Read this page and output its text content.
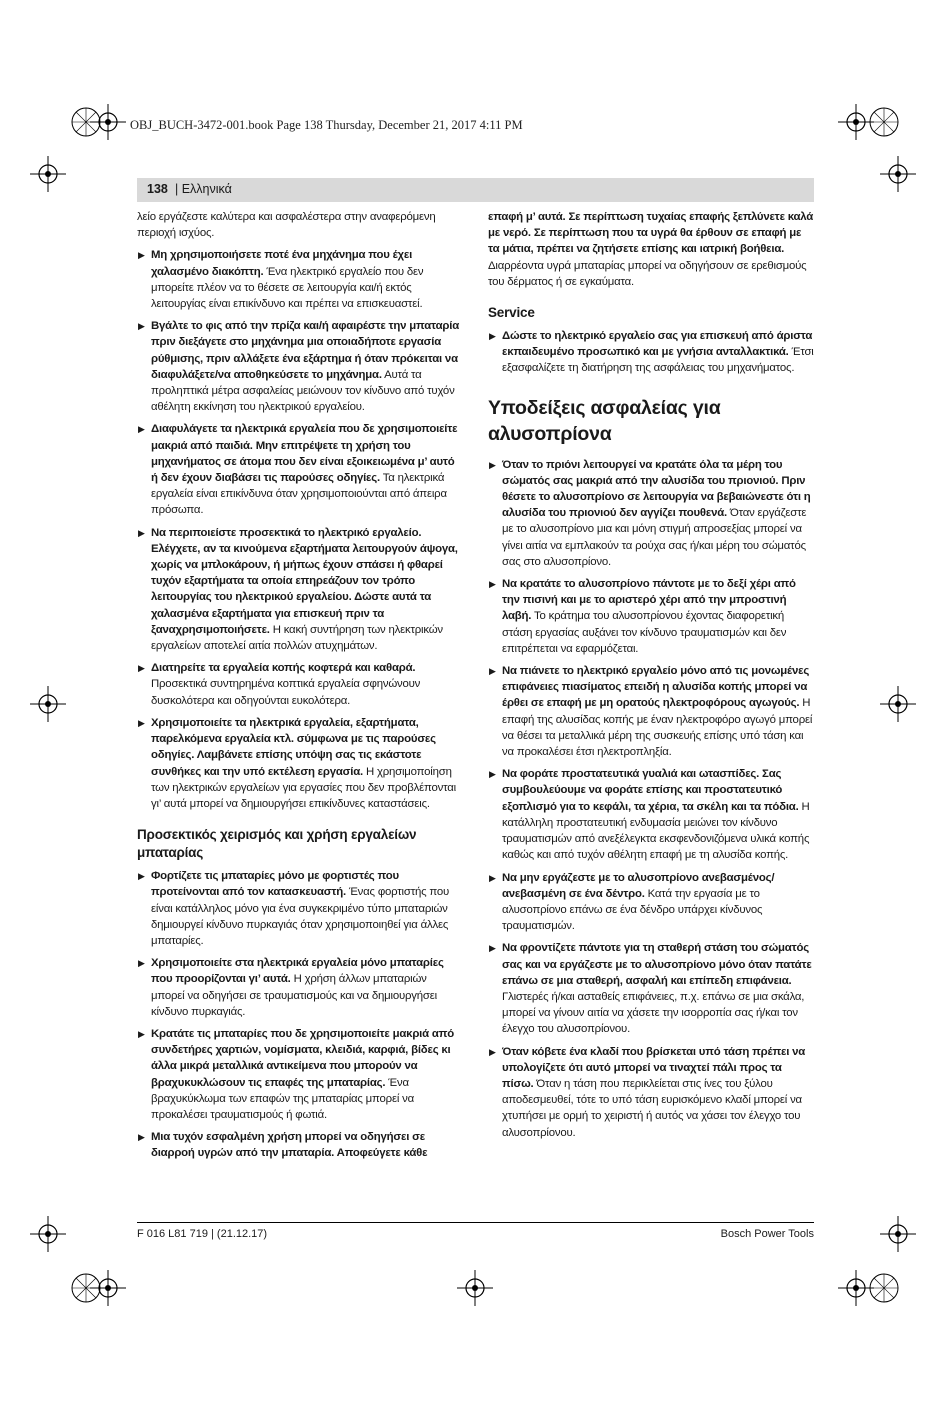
OBJ_BUCH-3472-001.book Page 138 Thursday, December 21, 2017 4:11 PM
138 | Ελληνικά

λείο εργάζεστε καλύτερα και ασφαλέστερα στην αναφερόμενη περιοχή ισχύος.

▶ Μη χρησιμοποιήσετε ποτέ ένα μηχάνημα που έχει χαλασμένο διακόπτη. Ένα ηλεκτρικό εργαλείο που δεν μπορείτε πλέον να το θέσετε σε λειτουργία και/ή εκτός λειτουργίας είναι επικίνδυνο και πρέπει να επισκευαστεί.
▶ Βγάλτε το φις από την πρίζα και/ή αφαιρέστε την μπαταρία πριν διεξάγετε στο μηχάνημα μια οποιαδήποτε εργασία ρύθμισης, πριν αλλάξετε ένα εξάρτημα ή όταν πρόκειται να διαφυλάξετε/να αποθηκεύσετε το μηχάνημα. Αυτά τα προληπτικά μέτρα ασφαλείας μειώνουν τον κίνδυνο από τυχόν αθέλητη εκκίνηση του ηλεκτρικού εργαλείου.
▶ Διαφυλάγετε τα ηλεκτρικά εργαλεία που δε χρησιμοποιείτε μακριά από παιδιά. Μην επιτρέψετε τη χρήση του μηχανήματος σε άτομα που δεν είναι εξοικειωμένα μ’ αυτό ή δεν έχουν διαβάσει τις παρούσες οδηγίες. Τα ηλεκτρικά εργαλεία είναι επικίνδυνα όταν χρησιμοποιούνται από άπειρα πρόσωπα.
▶ Να περιποιείστε προσεκτικά το ηλεκτρικό εργαλείο. Ελέγχετε, αν τα κινούμενα εξαρτήματα λειτουργούν άψογα, χωρίς να μπλοκάρουν, ή μήπως έχουν σπάσει ή φθαρεί τυχόν εξαρτήματα τα οποία επηρεάζουν τον τρόπο λειτουργίας του ηλεκτρικού εργαλείου. Δώστε αυτά τα χαλασμένα εξαρτήματα για επισκευή πριν τα ξαναχρησιμοποιήσετε. Η κακή συντήρηση των ηλεκτρικών εργαλείων αποτελεί αιτία πολλών ατυχημάτων.
▶ Διατηρείτε τα εργαλεία κοπής κοφτερά και καθαρά. Προσεκτικά συντηρημένα κοπτικά εργαλεία σφηνώνουν δυσκολότερα και οδηγούνται ευκολότερα.
▶ Χρησιμοποιείτε τα ηλεκτρικά εργαλεία, εξαρτήματα, παρελκόμενα εργαλεία κτλ. σύμφωνα με τις παρούσες οδηγίες. Λαμβάνετε επίσης υπόψη σας τις εκάστοτε συνθήκες και την υπό εκτέλεση εργασία. Η χρησιμοποίηση των ηλεκτρικών εργαλείων για εργασίες που δεν προβλέπονται γι’ αυτά μπορεί να δημιουργήσει επικίνδυνες καταστάσεις.
Προσεκτικός χειρισμός και χρήση εργαλείων μπαταρίας
▶ Φορτίζετε τις μπαταρίες μόνο με φορτιστές που προτείνονται από τον κατασκευαστή. Ένας φορτιστής που είναι κατάλληλος μόνο για ένα συγκεκριμένο τύπο μπαταριών δημιουργεί κίνδυνο πυρκαγιάς όταν χρησιμοποιηθεί για άλλες μπαταρίες.
▶ Χρησιμοποιείτε στα ηλεκτρικά εργαλεία μόνο μπαταρίες που προορίζονται γι’ αυτά. Η χρήση άλλων μπαταριών μπορεί να οδηγήσει σε τραυματισμούς και να δημιουργήσει κίνδυνο πυρκαγιάς.
▶ Κρατάτε τις μπαταρίες που δε χρησιμοποιείτε μακριά από συνδετήρες χαρτιών, νομίσματα, κλειδιά, καρφιά, βίδες κι άλλα μικρά μεταλλικά αντικείμενα που μπορούν να βραχυκυκλώσουν τις επαφές της μπαταρίας. Ένα βραχυκύκλωμα των επαφών της μπαταρίας μπορεί να προκαλέσει τραυματισμούς ή φωτιά.
▶ Μια τυχόν εσφαλμένη χρήση μπορεί να οδηγήσει σε διαρροή υγρών από την μπαταρία. Αποφεύγετε κάθε

επαφή μ’ αυτά. Σε περίπτωση τυχαίας επαφής ξεπλύνετε καλά με νερό. Σε περίπτωση που τα υγρά θα έρθουν σε επαφή με τα μάτια, πρέπει να ζητήσετε επίσης και ιατρική βοήθεια. Διαρρέοντα υγρά μπαταρίας μπορεί να οδηγήσουν σε ερεθισμούς του δέρματος ή σε εγκαύματα.

Service
▶ Δώστε το ηλεκτρικό εργαλείο σας για επισκευή από άριστα εκπαιδευμένο προσωπικό και με γνήσια ανταλλακτικά. Έτσι εξασφαλίζετε τη διατήρηση της ασφάλειας του μηχανήματος.
Υποδείξεις ασφαλείας για αλυσοπρίονα
▶ Όταν το πριόνι λειτουργεί να κρατάτε όλα τα μέρη του σώματός σας μακριά από την αλυσίδα του πριονιού. Πριν θέσετε το αλυσοπρίονο σε λειτουργία να βεβαιώνεστε ότι η αλυσίδα του πριονιού δεν αγγίζει πουθενά. Όταν εργάζεστε με το αλυσοπρίονο μια και μόνη στιγμή απροσεξίας μπορεί να γίνει αιτία να εμπλακούν τα ρούχα σας ή/και μέρη του σώματός σας στο αλυσοπρίονο.
▶ Να κρατάτε το αλυσοπρίονο πάντοτε με το δεξί χέρι από την πισινή και με το αριστερό χέρι από την μπροστινή λαβή. Το κράτημα του αλυσοπρίονου έχοντας διαφορετική στάση εργασίας αυξάνει τον κίνδυνο τραυματισμών και δεν επιτρέπεται να εφαρμόζεται.
▶ Να πιάνετε το ηλεκτρικό εργαλείο μόνο από τις μονωμένες επιφάνειες πιασίματος επειδή η αλυσίδα κοπής μπορεί να έρθει σε επαφή με μη ορατούς ηλεκτροφόρους αγωγούς. Η επαφή της αλυσίδας κοπής με έναν ηλεκτροφόρο αγωγό μπορεί να θέσει τα μεταλλικά μέρη της συσκευής επίσης υπό τάση και να προκαλέσει έτσι ηλεκτροπληξία.
▶ Να φοράτε προστατευτικά γυαλιά και ωτασπίδες. Σας συμβουλεύουμε να φοράτε επίσης και προστατευτικό εξοπλισμό για το κεφάλι, τα χέρια, τα σκέλη και τα πόδια. Η κατάλληλη προστατευτική ενδυμασία μειώνει τον κίνδυνο τραυματισμών από ανεξέλεγκτα εκσφενδονιζόμενα υλικά κοπής καθώς και από τυχόν αθέλητη επαφή με τη αλυσίδα κοπής.
▶ Να μην εργάζεστε με το αλυσοπρίονο ανεβασμένος/ανεβασμένη σε ένα δέντρο. Κατά την εργασία με το αλυσοπρίονο επάνω σε ένα δένδρο υπάρχει κίνδυνος τραυματισμών.
▶ Να φροντίζετε πάντοτε για τη σταθερή στάση του σώματός σας και να εργάζεστε με το αλυσοπρίονο μόνο όταν πατάτε επάνω σε μια σταθερή, ασφαλή και επίπεδη επιφάνεια. Γλιστερές ή/και ασταθείς επιφάνειες, π.χ. επάνω σε μια σκάλα, μπορεί να γίνουν αιτία να χάσετε την ισορροπία σας ή/και τον έλεγχο του αλυσοπρίονου.
▶ Όταν κόβετε ένα κλαδί που βρίσκεται υπό τάση πρέπει να υπολογίζετε ότι αυτό μπορεί να τιναχτεί πάλι προς τα πίσω. Όταν η τάση που περικλείεται στις ίνες του ξύλου αποδεσμευθεί, τότε το υπό τάση ευρισκόμενο κλαδί μπορεί να χτυπήσει με ορμή το χειριστή ή αυτός να χάσει τον έλεγχο του αλυσοπρίονου.
F 016 L81 719 | (21.12.17)	Bosch Power Tools
